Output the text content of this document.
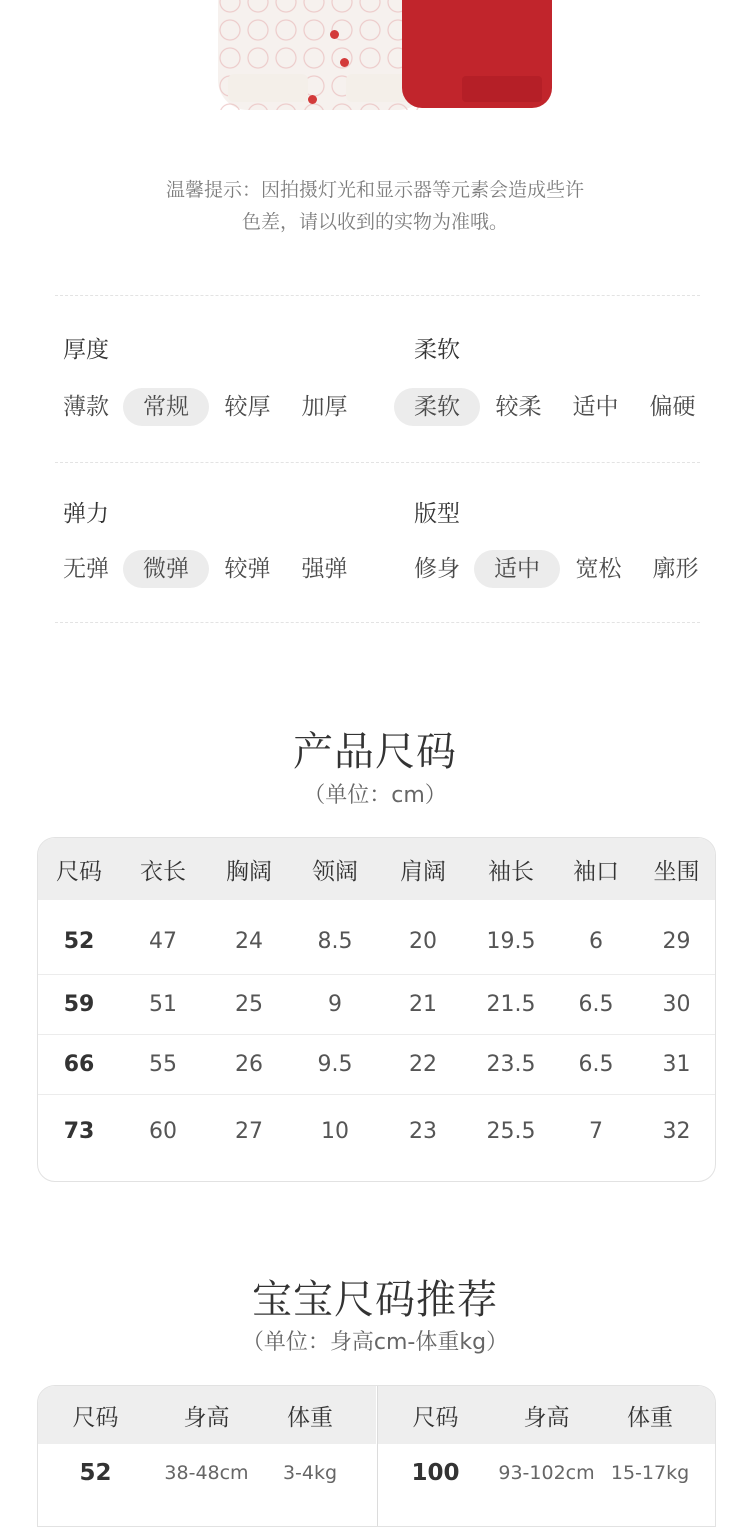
温馨提示：因拍摄灯光和显示器等元素会造成些许
色差，请以收到的实物为准哦。
厚度
薄款	常规	较厚	加厚
柔软
柔软	较柔	适中	偏硬
弹力
无弹	微弹	较弹	强弹
版型
修身	适中	宽松	廓形
产品尺码
（单位：cm）
尺码	衣长	胸阔	领阔	肩阔	袖长	袖口	坐围
52	47	24	8.5	20	19.5	6	29
59	51	25	9	21	21.5	6.5	30
66	55	26	9.5	22	23.5	6.5	31
73	60	27	10	23	25.5	7	32
宝宝尺码推荐
（单位：身高cm-体重kg）
尺码	身高	体重
52	38-48cm	3-4kg
尺码	身高	体重
100	93-102cm 15-17kg
